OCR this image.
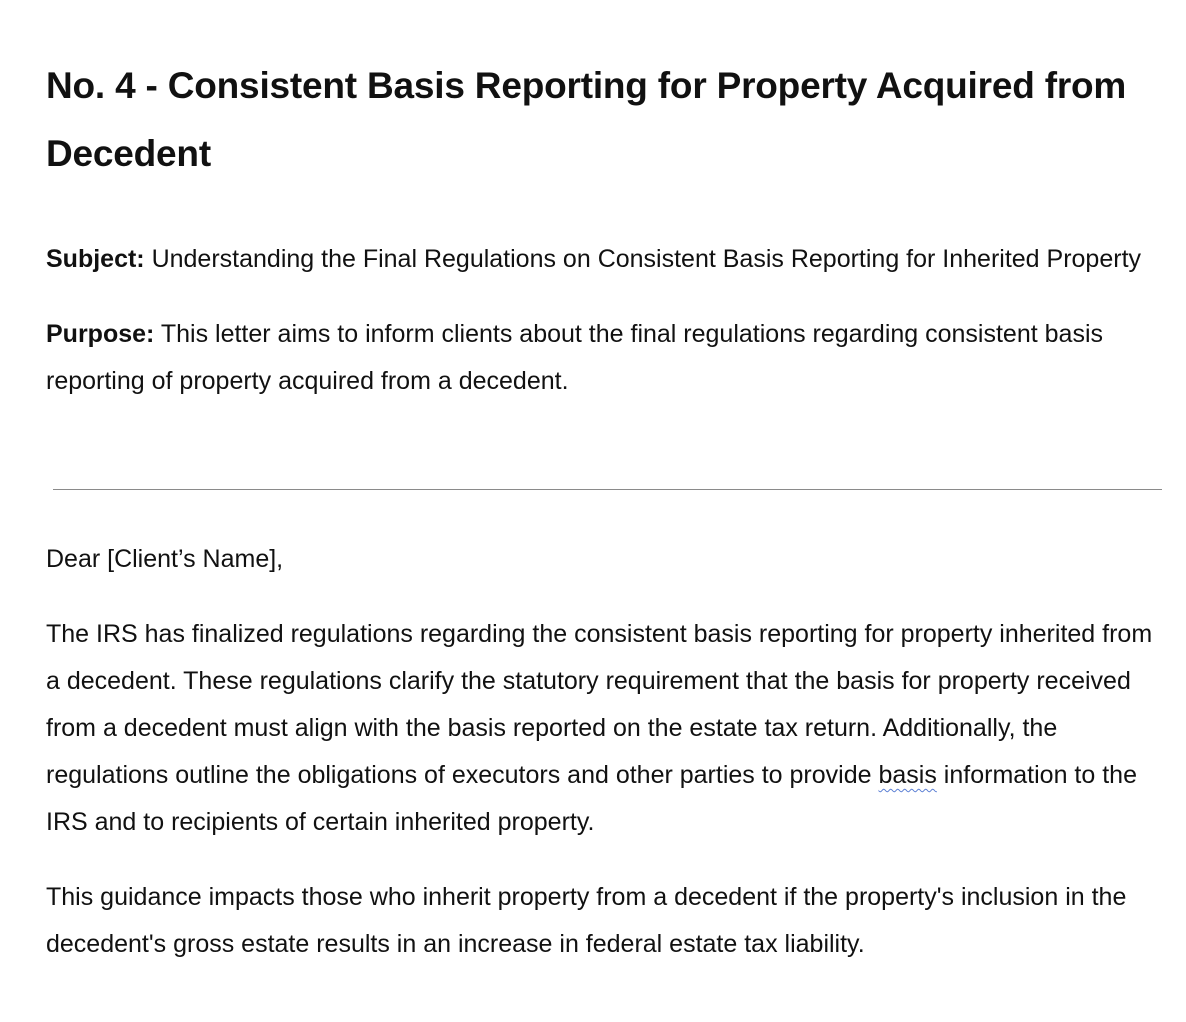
No. 4 - Consistent Basis Reporting for Property Acquired from Decedent

Subject: Understanding the Final Regulations on Consistent Basis Reporting for Inherited Property

Purpose: This letter aims to inform clients about the final regulations regarding consistent basis reporting of property acquired from a decedent.

Dear [Client’s Name],

The IRS has finalized regulations regarding the consistent basis reporting for property inherited from a decedent. These regulations clarify the statutory requirement that the basis for property received from a decedent must align with the basis reported on the estate tax return. Additionally, the regulations outline the obligations of executors and other parties to provide basis information to the IRS and to recipients of certain inherited property.

This guidance impacts those who inherit property from a decedent if the property's inclusion in the decedent's gross estate results in an increase in federal estate tax liability.
